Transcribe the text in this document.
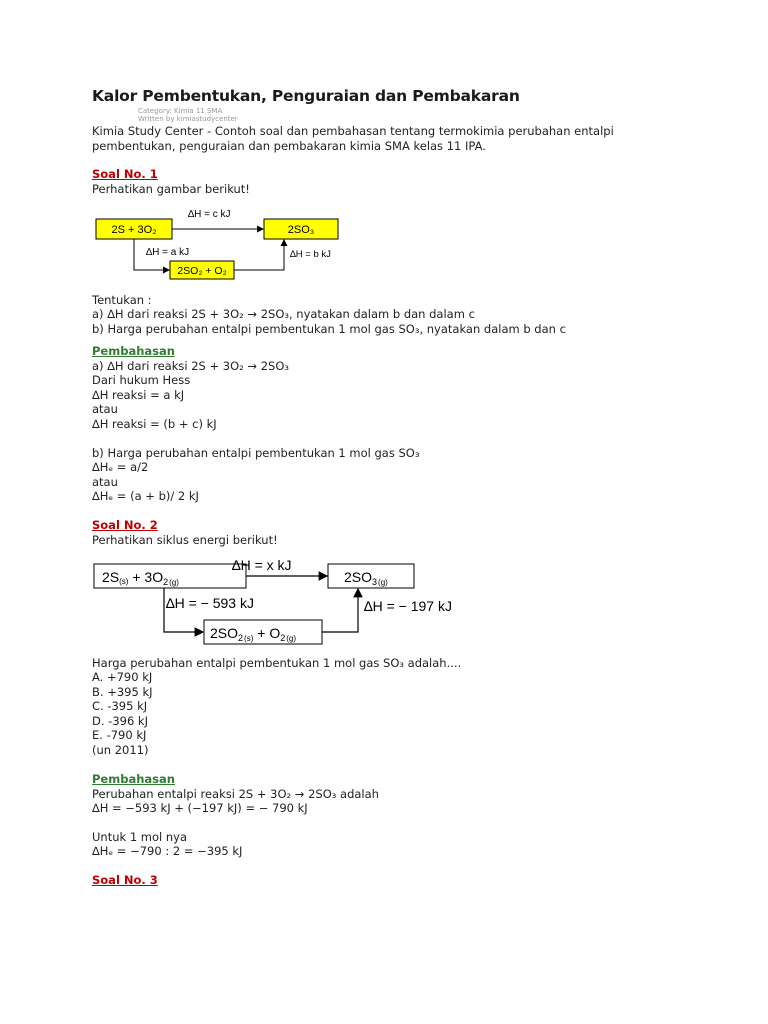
Kalor Pembentukan, Penguraian dan Pembakaran
Category: Kimia 11 SMA
Written by kimiastudycenter
Kimia Study Center - Contoh soal dan pembahasan tentang termokimia perubahan entalpi
pembentukan, penguraian dan pembakaran kimia SMA kelas 11 IPA.
Soal No. 1
Perhatikan gambar berikut!
2S + 3O₂	2SO₃
2SO₂ + O₂
∆H = c kJ
∆H = a kJ	∆H = b kJ
Tentukan :
a) ∆H dari reaksi 2S + 3O₂ → 2SO₃, nyatakan dalam b dan dalam c
b) Harga perubahan entalpi pembentukan 1 mol gas SO₃, nyatakan dalam b dan c
Pembahasan
a) ∆H dari reaksi 2S + 3O₂ → 2SO₃
Dari hukum Hess
∆H reaksi = a kJ
atau
∆H reaksi = (b + c) kJ
b) Harga perubahan entalpi pembentukan 1 mol gas SO₃
∆Hₑ = a/2
atau
∆Hₑ = (a + b)/ 2 kJ
Soal No. 2
Perhatikan siklus energi berikut!
$2S(s) + 3O_2(g)$	$2SO_3(g)$
$2SO_2(s) + O_2(g)$
∆H = x kJ
∆H = − 593 kJ	∆H = − 197 kJ
Harga perubahan entalpi pembentukan 1 mol gas SO₃ adalah....
A. +790 kJ
B. +395 kJ
C. -395 kJ
D. -396 kJ
E. -790 kJ
(un 2011)
Pembahasan
Perubahan entalpi reaksi 2S + 3O₂ → 2SO₃ adalah
∆H = −593 kJ + (−197 kJ) = − 790 kJ
Untuk 1 mol nya
∆Hₑ = −790 : 2 = −395 kJ
Soal No. 3
